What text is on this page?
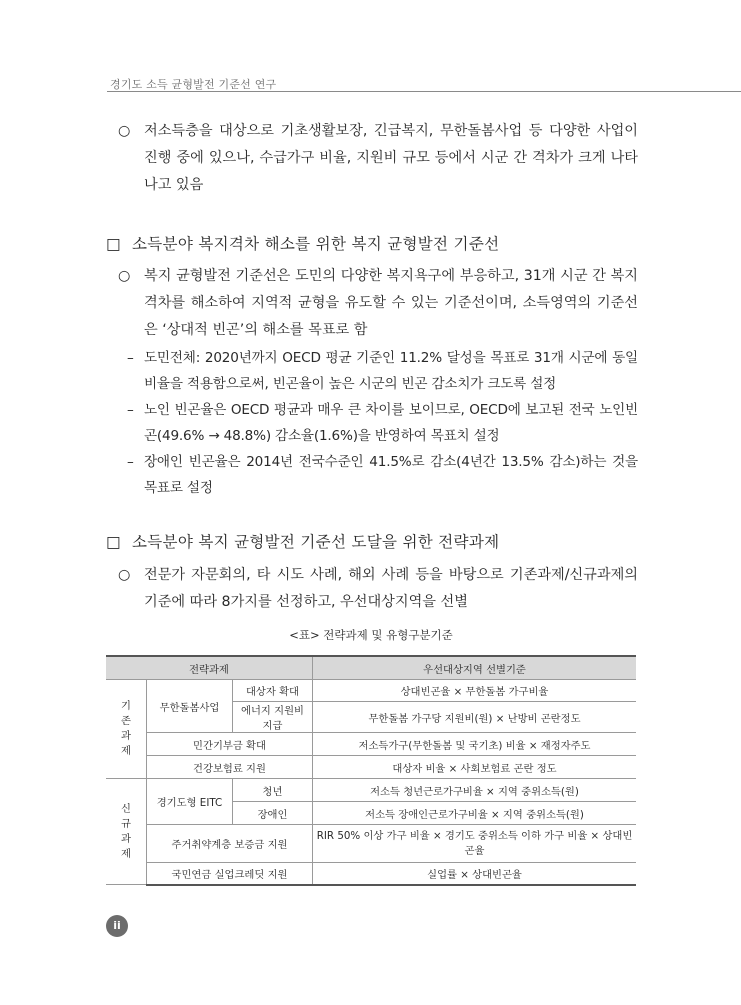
경기도 소득 균형발전 기준선 연구
○ 저소득층을 대상으로 기초생활보장, 긴급복지, 무한돌봄사업 등 다양한 사업이 진행 중에 있으나, 수급가구 비율, 지원비 규모 등에서 시군 간 격차가 크게 나타나고 있음
□ 소득분야 복지격차 해소를 위한 복지 균형발전 기준선
○ 복지 균형발전 기준선은 도민의 다양한 복지욕구에 부응하고, 31개 시군 간 복지격차를 해소하여 지역적 균형을 유도할 수 있는 기준선이며, 소득영역의 기준선은 ‘상대적 빈곤’의 해소를 목표로 함
– 도민전체: 2020년까지 OECD 평균 기준인 11.2% 달성을 목표로 31개 시군에 동일비율을 적용함으로써, 빈곤율이 높은 시군의 빈곤 감소치가 크도록 설정
– 노인 빈곤율은 OECD 평균과 매우 큰 차이를 보이므로, OECD에 보고된 전국 노인빈곤(49.6% → 48.8%) 감소율(1.6%)을 반영하여 목표치 설정
– 장애인 빈곤율은 2014년 전국수준인 41.5%로 감소(4년간 13.5% 감소)하는 것을 목표로 설정
□ 소득분야 복지 균형발전 기준선 도달을 위한 전략과제
○ 전문가 자문회의, 타 시도 사례, 해외 사례 등을 바탕으로 기존과제/신규과제의 기준에 따라 8가지를 선정하고, 우선대상지역을 선별
<표> 전략과제 및 유형구분기준
전략과제			우선대상지역 선별기준

기
존
과
제	무한돌봄사업	대상자 확대	상대빈곤율 × 무한돌봄 가구비율
		에너지 지원비 지급	무한돌봄 가구당 지원비(원) × 난방비 곤란정도
	민간기부금 확대		저소득가구(무한돌봄 및 국기초) 비율 × 재정자주도
	건강보험료 지원		대상자 비율 × 사회보험료 곤란 정도

신
규
과
제	경기도형 EITC	청년	저소득 청년근로가구비율 × 지역 중위소득(원)
		장애인	저소득 장애인근로가구비율 × 지역 중위소득(원)
	주거취약계층 보증금 지원		RIR 50% 이상 가구 비율 × 경기도 중위소득 이하 가구 비율 × 상대빈곤율
	국민연금 실업크레딧 지원		실업률 × 상대빈곤율
ii
